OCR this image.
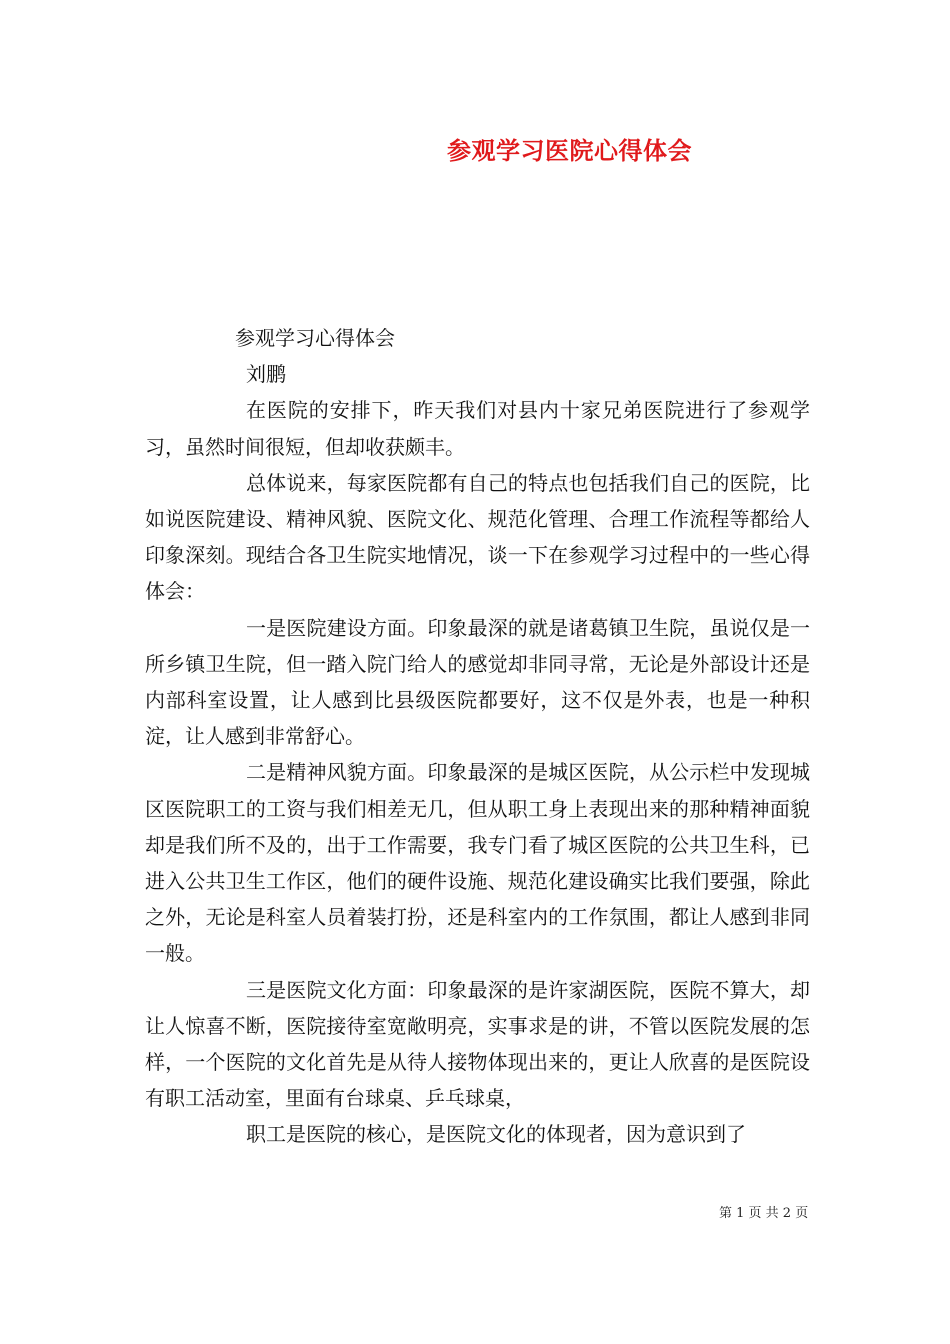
参观学习医院心得体会
参观学习心得体会
刘鹏

在医院的安排下，昨天我们对县内十家兄弟医院进行了参观学习，虽然时间很短，但却收获颇丰。

总体说来，每家医院都有自己的特点也包括我们自己的医院，比如说医院建设、精神风貌、医院文化、规范化管理、合理工作流程等都给人印象深刻。现结合各卫生院实地情况，谈一下在参观学习过程中的一些心得体会：

一是医院建设方面。印象最深的就是诸葛镇卫生院，虽说仅是一所乡镇卫生院，但一踏入院门给人的感觉却非同寻常，无论是外部设计还是内部科室设置，让人感到比县级医院都要好，这不仅是外表，也是一种积淀，让人感到非常舒心。

二是精神风貌方面。印象最深的是城区医院，从公示栏中发现城区医院职工的工资与我们相差无几，但从职工身上表现出来的那种精神面貌却是我们所不及的，出于工作需要，我专门看了城区医院的公共卫生科，已进入公共卫生工作区，他们的硬件设施、规范化建设确实比我们要强，除此之外，无论是科室人员着装打扮，还是科室内的工作氛围，都让人感到非同一般。

三是医院文化方面：印象最深的是许家湖医院，医院不算大，却让人惊喜不断，医院接待室宽敞明亮，实事求是的讲，不管以医院发展的怎样，一个医院的文化首先是从待人接物体现出来的，更让人欣喜的是医院设有职工活动室，里面有台球桌、乒乓球桌，

职工是医院的核心，是医院文化的体现者，因为意识到了

第 1 页 共 2 页
